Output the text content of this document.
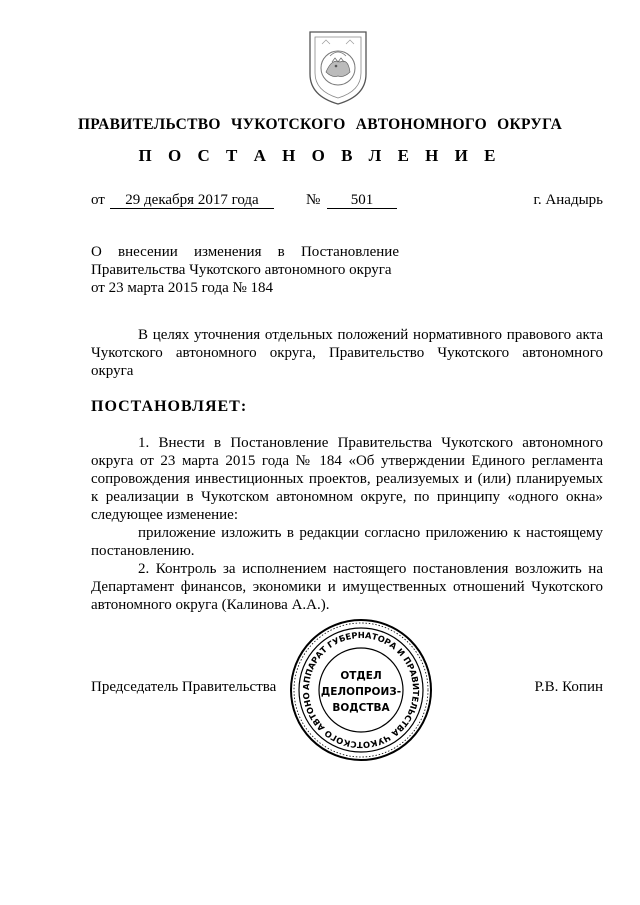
ПРАВИТЕЛЬСТВО ЧУКОТСКОГО АВТОНОМНОГО ОКРУГА
П О С Т А Н О В Л Е Н И Е
от	29 декабря 2017 года	№	501	г. Анадырь
О внесении изменения в Постановление
Правительства Чукотского автономного округа
от 23 марта 2015 года № 184
В целях уточнения отдельных положений нормативного правового акта
Чукотского автономного округа, Правительство Чукотского автономного
округа
ПОСТАНОВЛЯЕТ:
1. Внести в Постановление Правительства Чукотского автономного
округа от 23 марта 2015 года № 184 «Об утверждении Единого регламента
сопровождения инвестиционных проектов, реализуемых и (или) планируемых
к реализации в Чукотском автономном округе, по принципу «одного окна»
следующее изменение:
приложение изложить в редакции согласно приложению к настоящему
постановлению.
2. Контроль за исполнением настоящего постановления возложить на
Департамент финансов, экономики и имущественных отношений Чукотского
автономного округа (Калинова А.А.).
Председатель Правительства	Р.В. Копин
АППАРАТ ГУБЕРНАТОРА И ПРАВИТЕЛЬСТВА ЧУКОТСКОГО АВТОНО
ОТДЕЛ
ДЕЛОПРОИЗ-
ВОДСТВА
